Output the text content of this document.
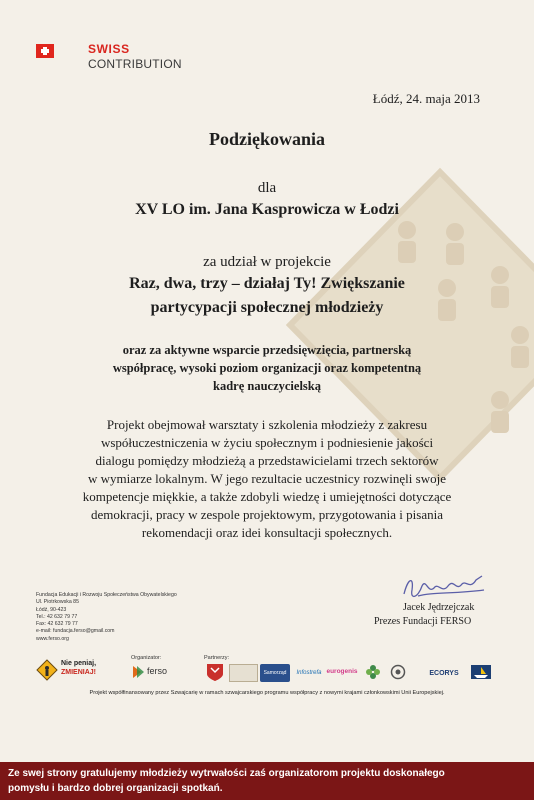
SWISS
CONTRIBUTION
Łódź, 24. maja 2013
Podziękowania
dla
XV LO im. Jana Kasprowicza w Łodzi
za udział w projekcie
Raz, dwa, trzy – działaj Ty! Zwiększanie
partycypacji społecznej młodzieży
oraz za aktywne wsparcie przedsięwzięcia, partnerską
współpracę, wysoki poziom organizacji oraz kompetentną
kadrę nauczycielską
Projekt obejmował warsztaty i szkolenia młodzieży z zakresu
współuczestniczenia w życiu społecznym i podniesienie jakości
dialogu pomiędzy młodzieżą a przedstawicielami trzech sektorów
w wymiarze lokalnym. W jego rezultacie uczestnicy rozwinęli swoje
kompetencje miękkie, a także zdobyli wiedzę i umiejętności dotyczące
demokracji, pracy w zespole projektowym, przygotowania i pisania
rekomendacji oraz idei konsultacji społecznych.
Fundacja Edukacji i Rozwoju Społeczeństwa Obywatelskiego
Ul. Piotrkowska 85
Łódź, 90-423
Tel.: 42 632 79 77
Fax: 42 632 79 77
e-mail: fundacja.ferso@gmail.com
www.ferso.org
Jacek Jędrzejczak
Prezes Fundacji FERSO
Nie peniaj,
ZMIENIAJ!
Organizator:
ferso
Partnerzy:
Samorząd	Infostrefa eurogenis	ECORYS
Projekt współfinansowany przez Szwajcarię w ramach szwajcarskiego programu współpracy z nowymi krajami członkowskimi Unii Europejskiej.
Ze swej strony gratulujemy młodzieży wytrwałości zaś organizatorom projektu doskonałego
pomysłu i bardzo dobrej organizacji spotkań.
